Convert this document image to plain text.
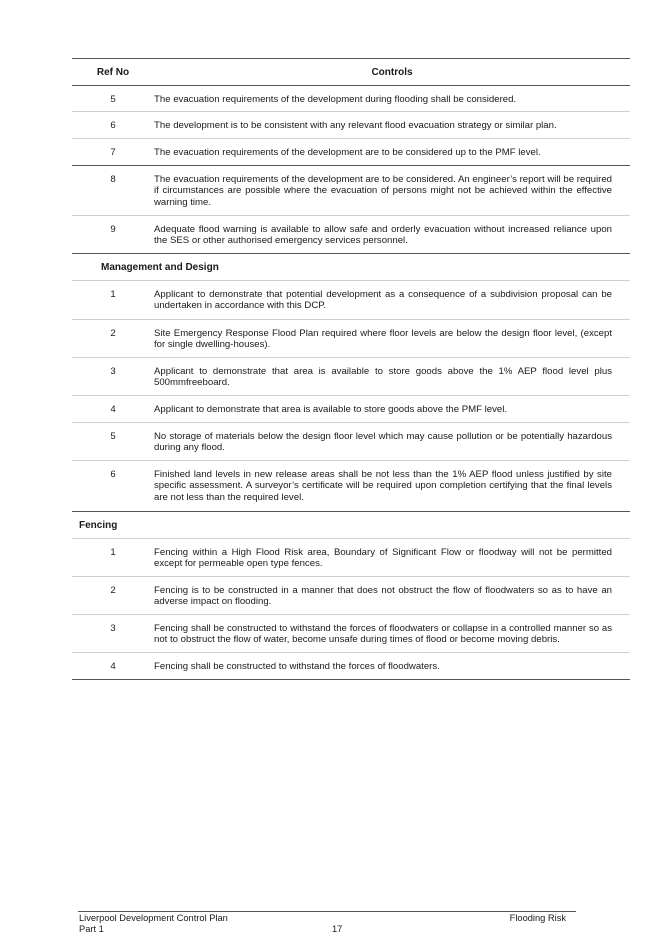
Ref No	Controls
5	The evacuation requirements of the development during flooding shall be considered.
6	The development is to be consistent with any relevant flood evacuation strategy or similar plan.
7	The evacuation requirements of the development are to be considered up to the PMF level.
8	The evacuation requirements of the development are to be considered. An engineer’s report will be required if circumstances are possible where the evacuation of persons might not be achieved within the effective warning time.
9	Adequate flood warning is available to allow safe and orderly evacuation without increased reliance upon the SES or other authorised emergency services personnel.
Management and Design
1	Applicant to demonstrate that potential development as a consequence of a subdivision proposal can be undertaken in accordance with this DCP.
2	Site Emergency Response Flood Plan required where floor levels are below the design floor level, (except for single dwelling-houses).
3	Applicant to demonstrate that area is available to store goods above the 1% AEP flood level plus 500mmfreeboard.
4	Applicant to demonstrate that area is available to store goods above the PMF level.
5	No storage of materials below the design floor level which may cause pollution or be potentially hazardous during any flood.
6	Finished land levels in new release areas shall be not less than the 1% AEP flood unless justified by site specific assessment. A surveyor’s certificate will be required upon completion certifying that the final levels are not less than the required level.
Fencing
1	Fencing within a High Flood Risk area, Boundary of Significant Flow or floodway will not be permitted except for permeable open type fences.
2	Fencing is to be constructed in a manner that does not obstruct the flow of floodwaters so as to have an adverse impact on flooding.
3	Fencing shall be constructed to withstand the forces of floodwaters or collapse in a controlled manner so as not to obstruct the flow of water, become unsafe during times of flood or become moving debris.
4	Fencing shall be constructed to withstand the forces of floodwaters.
Liverpool Development Control Plan
Part 1	17
Flooding Risk
